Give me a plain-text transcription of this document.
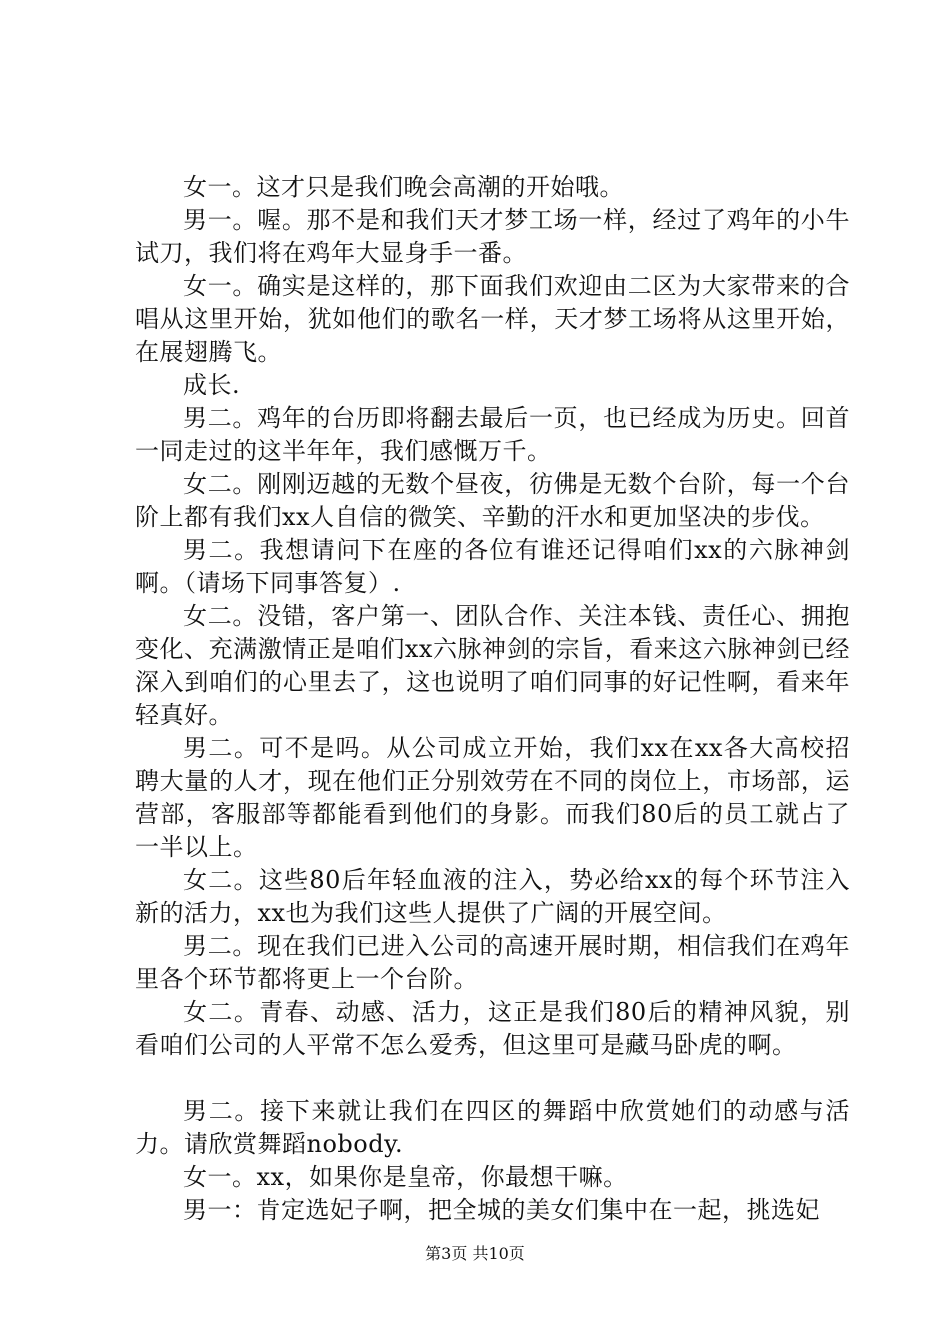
女一。这才只是我们晚会高潮的开始哦。

男一。喔。那不是和我们天才梦工场一样，经过了鸡年的小牛试刀，我们将在鸡年大显身手一番。

女一。确实是这样的，那下面我们欢迎由二区为大家带来的合唱从这里开始，犹如他们的歌名一样，天才梦工场将从这里开始，在展翅腾飞。

成长.

男二。鸡年的台历即将翻去最后一页，也已经成为历史。回首一同走过的这半年年，我们感慨万千。

女二。刚刚迈越的无数个昼夜，彷佛是无数个台阶，每一个台阶上都有我们xx人自信的微笑、辛勤的汗水和更加坚决的步伐。

男二。我想请问下在座的各位有谁还记得咱们xx的六脉神剑啊。（请场下同事答复）.

女二。没错，客户第一、团队合作、关注本钱、责任心、拥抱变化、充满激情正是咱们xx六脉神剑的宗旨，看来这六脉神剑已经深入到咱们的心里去了，这也说明了咱们同事的好记性啊，看来年轻真好。

男二。可不是吗。从公司成立开始，我们xx在xx各大高校招聘大量的人才，现在他们正分别效劳在不同的岗位上，市场部，运营部，客服部等都能看到他们的身影。而我们80后的员工就占了一半以上。

女二。这些80后年轻血液的注入，势必给xx的每个环节注入新的活力，xx也为我们这些人提供了广阔的开展空间。

男二。现在我们已进入公司的高速开展时期，相信我们在鸡年里各个环节都将更上一个台阶。

女二。青春、动感、活力，这正是我们80后的精神风貌，别看咱们公司的人平常不怎么爱秀，但这里可是藏马卧虎的啊。

男二。接下来就让我们在四区的舞蹈中欣赏她们的动感与活力。请欣赏舞蹈nobody.

女一。xx，如果你是皇帝，你最想干嘛。

男一：肯定选妃子啊，把全城的美女们集中在一起，挑选妃

第3页 共10页
